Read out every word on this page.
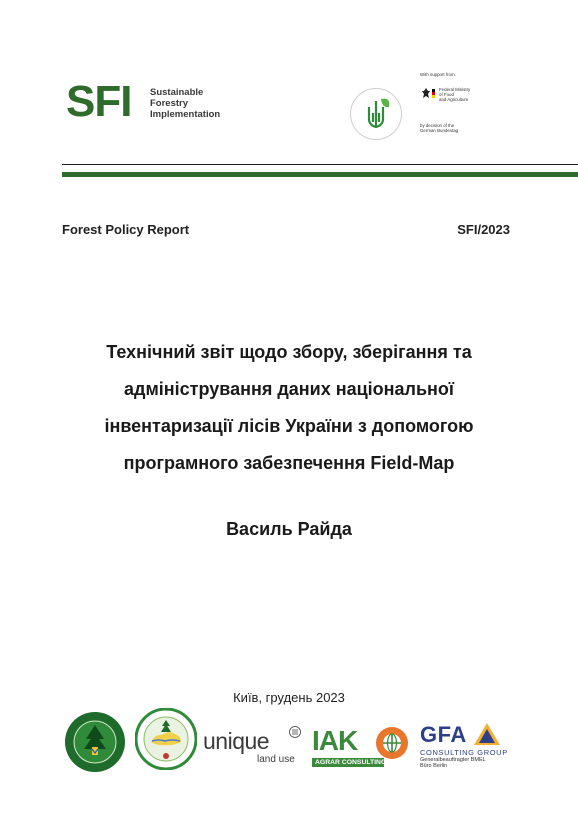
SFI Sustainable
Forestry
Implementation
With support from
Federal Ministry
of Food
and Agriculture
by decision of the
German Bundestag
Forest Policy Report	SFI/2023
Технічний звіт щодо збору, зберігання та
адміністрування даних національної
інвентаризації лісів України з допомогою
програмного забезпечення Field-Map
Василь Райда
Київ, грудень 2023
unique
land use
IAK
AGRAR CONSULTING
GFA
CONSULTING GROUP
Generalbeauftragter BMEL
Büro Berlin
